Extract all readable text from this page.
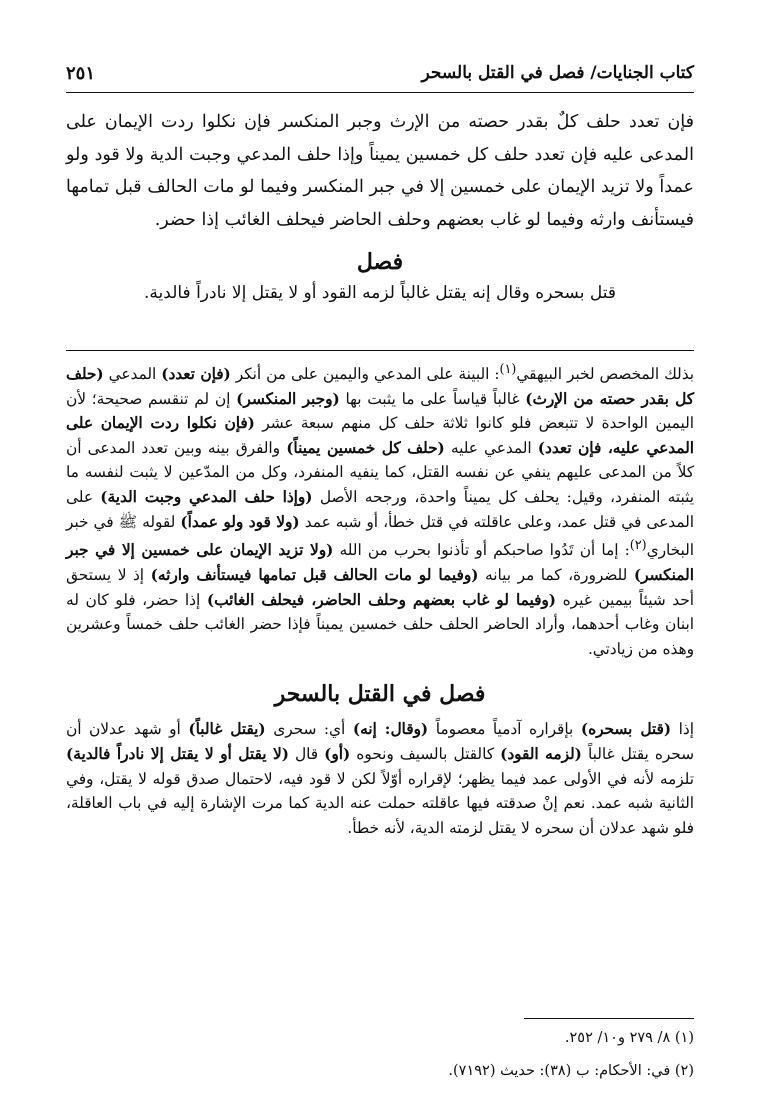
كتاب الجنايات/ فصل في القتل بالسحر
٢٥١
فإن تعدد حلف كلٌ بقدر حصته من الإرث وجبر المنكسر فإن نكلوا ردت الإيمان على المدعى عليه فإن تعدد حلف كل خمسين يميناً وإذا حلف المدعي وجبت الدية ولا قود ولو عمداً ولا تزيد الإيمان على خمسين إلا في جبر المنكسر وفيما لو مات الحالف قبل تمامها فيستأنف وارثه وفيما لو غاب بعضهم وحلف الحاضر فيحلف الغائب إذا حضر.
فصل
قتل بسحره وقال إنه يقتل غالباً لزمه القود أو لا يقتل إلا نادراً فالدية.
بذلك المخصص لخبر البيهقي$^{(١)}$: البينة على المدعي واليمين على من أنكر (فإن تعدد) المدعي (حلف كل بقدر حصته من الإرث) غالباً قياساً على ما يثبت بها (وجبر المنكسر) إن لم تنقسم صحيحة؛ لأن اليمين الواحدة لا تتبعض فلو كانوا ثلاثة حلف كل منهم سبعة عشر (فإن نكلوا ردت الإيمان على المدعي عليه، فإن تعدد) المدعي عليه (حلف كل خمسين يميناً) والفرق بينه وبين تعدد المدعى أن كلاً من المدعى عليهم ينفي عن نفسه القتل، كما ينفيه المنفرد، وكل من المدّعين لا يثبت لنفسه ما يثبته المنفرد، وقيل: يحلف كل يميناً واحدة، ورجحه الأصل (وإذا حلف المدعي وجبت الدية) على المدعى في قتل عمد، وعلى عاقلته في قتل خطأ، أو شبه عمد (ولا قود ولو عمداً) لقوله ﷺ في خبر البخاري$^{(٢)}$: إما أن تَدُوا صاحبكم أو تأذنوا بحرب من الله (ولا تزيد الإيمان على خمسين إلا في جبر المنكسر) للضرورة، كما مر بيانه (وفيما لو مات الحالف قبل تمامها فيستأنف وارثه) إذ لا يستحق أحد شيئاً بيمين غيره (وفيما لو غاب بعضهم وحلف الحاضر، فيحلف الغائب) إذا حضر، فلو كان له ابنان وغاب أحدهما، وأراد الحاضر الحلف حلف خمسين يميناً فإذا حضر الغائب حلف خمساً وعشرين وهذه من زيادتي.
فصل في القتل بالسحر
إذا (قتل بسحره) بإقراره آدمياً معصوماً (وقال: إنه) أي: سحرى (يقتل غالباً) أو شهد عدلان أن سحره يقتل غالباً (لزمه القود) كالقتل بالسيف ونحوه (أو) قال (لا يقتل أو لا يقتل إلا نادراً فالدية) تلزمه لأنه في الأولى عمد فيما يظهر؛ لإقراره أوّلاً لكن لا قود فيه، لاحتمال صدق قوله لا يقتل، وفي الثانية شبه عمد. نعم إنْ صدقته فيها عاقلته حملت عنه الدية كما مرت الإشارة إليه في باب العاقلة، فلو شهد عدلان أن سحره لا يقتل لزمته الدية، لأنه خطأ.
(١) ٨/ ٢٧٩ و١٠/ ٢٥٢.
(٢) في: الأحكام: ب (٣٨): حديث (٧١٩٢).
